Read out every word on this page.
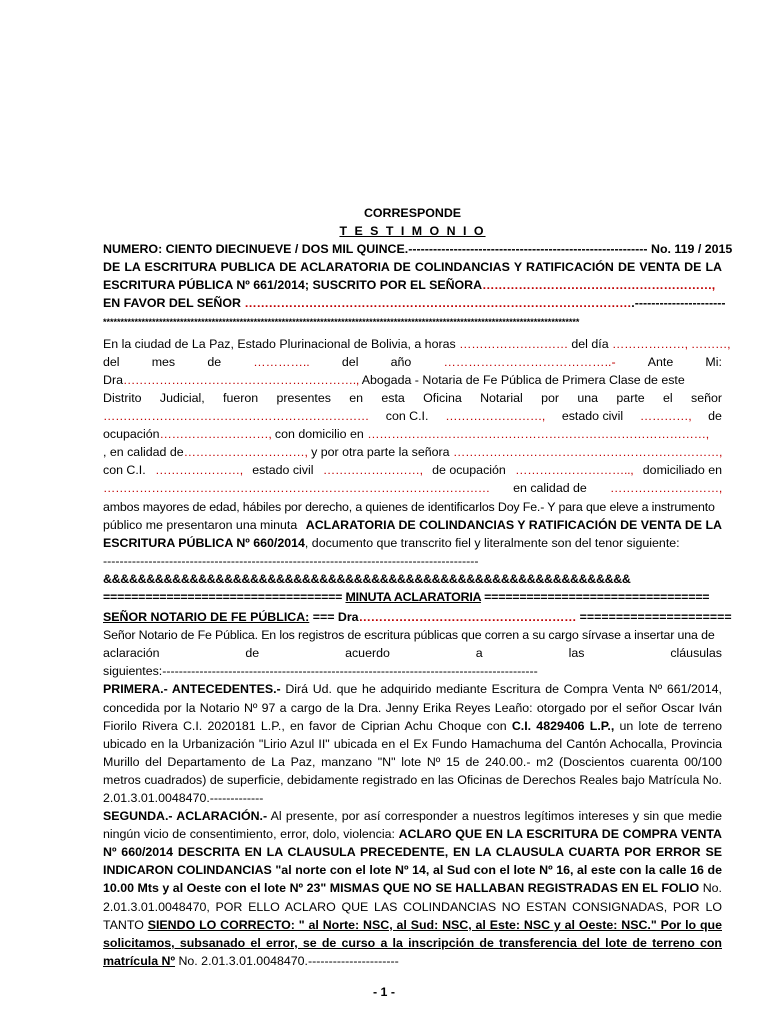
CORRESPONDE
T E S T I M O N I O
NUMERO: CIENTO DIECINUEVE / DOS MIL QUINCE.---------------------------------------------------------- No. 119 / 2015
DE LA ESCRITURA PUBLICA DE ACLARATORIA DE COLINDANCIAS Y RATIFICACIÓN DE VENTA DE LA
ESCRITURA PÚBLICA Nº 661/2014; SUSCRITO POR EL SEÑORA…………………………………………………,
EN FAVOR DEL SEÑOR …………………………………………………………………………………….----------------------
****************************************************************************************************************************************
En la ciudad de La Paz, Estado Plurinacional de Bolivia, a horas ……………………… del día ………………, ………,
del	mes	de	…………..	del	año	…………………………………..-	Ante	Mi:
Dra…………………………………………………., Abogada - Notaria de Fe Pública de Primera Clase de este
Distrito Judicial, fueron presentes en esta Oficina Notarial por una parte el señor
………………………………………………………… con C.I. ……………………, estado civil …………, de
ocupación………………………, con domicilio en …………………………………………………………………………,
, en calidad de…………………………, y por otra parte la señora …………………………………………………………,
con C.I. …………………, estado civil ……………………, de ocupación ……………………….., domiciliado en
…………………………………………………………………………………… en calidad de ………………………,
ambos mayores de edad, hábiles por derecho, a quienes de identificarlos Doy Fe.- Y para que eleve a instrumento
público me presentaron una minuta ACLARATORIA DE COLINDANCIAS Y RATIFICACIÓN DE VENTA DE LA
ESCRITURA PÚBLICA Nº 660/2014, documento que transcrito fiel y literalmente son del tenor siguiente:
-------------------------------------------------------------------------------------------
&&&&&&&&&&&&&&&&&&&&&&&&&&&&&&&&&&&&&&&&&&&&&&&&&&&&&&&&&&&&&
================================== MINUTA ACLARATORIA ================================
SEÑOR NOTARIO DE FE PÚBLICA: === Dra……………………………………………… =====================
Señor Notario de Fe Pública. En los registros de escritura públicas que corren a su cargo sírvase a insertar una de
aclaración de acuerdo a las cláusulas
siguientes:-------------------------------------------------------------------------------------------
PRIMERA.- ANTECEDENTES.- Dirá Ud. que he adquirido mediante Escritura de Compra Venta Nº 661/2014, concedida por la Notario Nº 97 a cargo de la Dra. Jenny Erika Reyes Leaño: otorgado por el señor Oscar Iván Fiorilo Rivera C.I. 2020181 L.P., en favor de Ciprian Achu Choque con C.I. 4829406 L.P., un lote de terreno ubicado en la Urbanización "Lirio Azul II" ubicada en el Ex Fundo Hamachuma del Cantón Achocalla, Provincia Murillo del Departamento de La Paz, manzano "N" lote Nº 15 de 240.00.- m2 (Doscientos cuarenta 00/100 metros cuadrados) de superficie, debidamente registrado en las Oficinas de Derechos Reales bajo Matrícula No. 2.01.3.01.0048470.-------------
SEGUNDA.- ACLARACIÓN.- Al presente, por así corresponder a nuestros legítimos intereses y sin que medie ningún vicio de consentimiento, error, dolo, violencia: ACLARO QUE EN LA ESCRITURA DE COMPRA VENTA Nº 660/2014 DESCRITA EN LA CLAUSULA PRECEDENTE, EN LA CLAUSULA CUARTA POR ERROR SE INDICARON COLINDANCIAS "al norte con el lote Nº 14, al Sud con el lote Nº 16, al este con la calle 16 de 10.00 Mts y al Oeste con el lote Nº 23" MISMAS QUE NO SE HALLABAN REGISTRADAS EN EL FOLIO No. 2.01.3.01.0048470, POR ELLO ACLARO QUE LAS COLINDANCIAS NO ESTAN CONSIGNADAS, POR LO TANTO SIENDO LO CORRECTO: " al Norte: NSC, al Sud: NSC, al Este: NSC y al Oeste: NSC." Por lo que solicitamos, subsanado el error, se de curso a la inscripción de transferencia del lote de terreno con matrícula Nº No. 2.01.3.01.0048470.----------------------
- 1 -
